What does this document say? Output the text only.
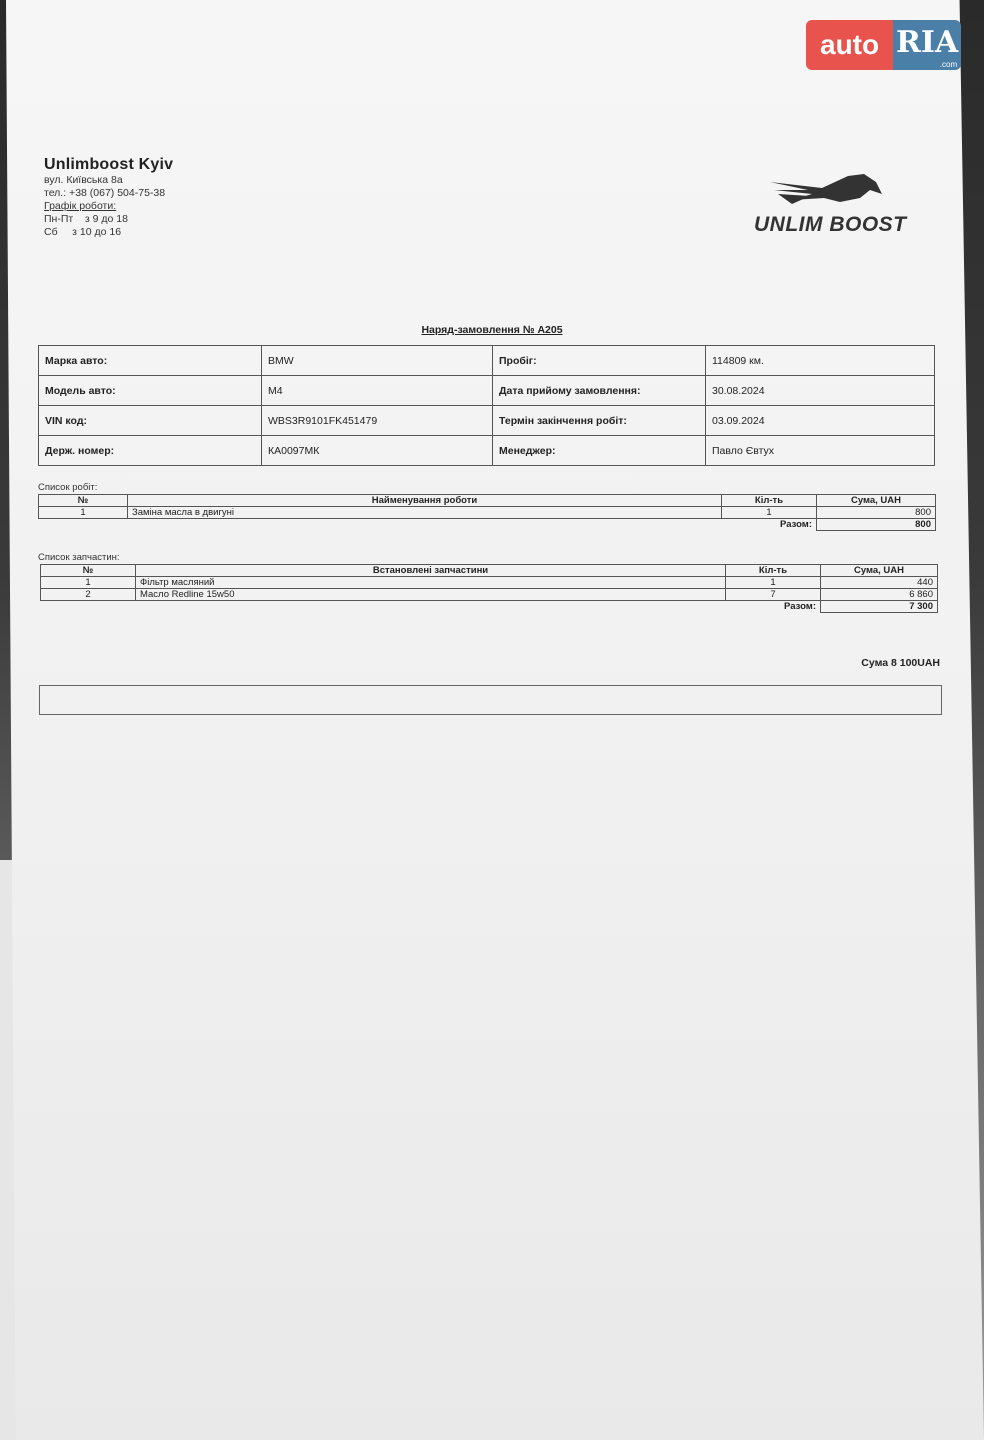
auto RIA
.com
Unlimboost Kyiv
вул. Київська 8а
тел.: +38 (067) 504-75-38
Графік роботи:
Пн-Пт    з 9 до 18
Сб     з 10 до 16	UNLIM BOOST
Наряд-замовлення № А205
Марка авто:	BMW	Пробіг:	114809 км.
Модель авто:	M4	Дата прийому замовлення:	30.08.2024
VIN код:	WBS3R9101FK451479	Термін закінчення робіт:	03.09.2024
Держ. номер:	КА0097МК	Менеджер:	Павло Євтух
Список робіт:
№	Найменування роботи	Кіл-ть	Сума, UAH
1	Заміна масла в двигуні	1	800
		Разом:	800
Список запчастин:
№	Встановлені запчастини	Кіл-ть	Сума, UAH
1	Фільтр масляний	1	440
2	Масло Redline 15w50	7	6 860
		Разом:	7 300
Сума 8 100UAH
